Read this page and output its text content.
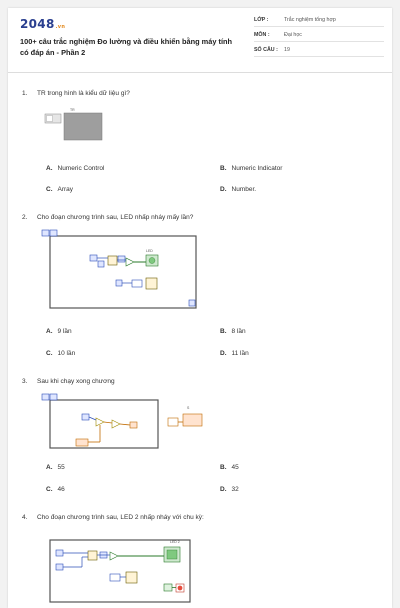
2048.vn
100+ câu trắc nghiệm Đo lường và điều khiển bằng máy tính có đáp án - Phần 2
LỚP :	Trắc nghiệm tổng hợp
MÔN :	Đại học
SỐ CÂU :	19
1. TR trong hình là kiểu dữ liệu gì?
TR
A. Numeric Control	B. Numeric Indicator
C. Array	D. Number.
2. Cho đoạn chương trình sau, LED nhấp nháy mấy lần?
LED
A. 9 lần	B. 8 lần
C. 10 lần	D. 11 lần
3. Sau khi chạy xong chương
S
A. 55	B. 45
C. 46	D. 32
4. Cho đoạn chương trình sau, LED 2 nhấp nháy với chu kỳ:
LED 2
